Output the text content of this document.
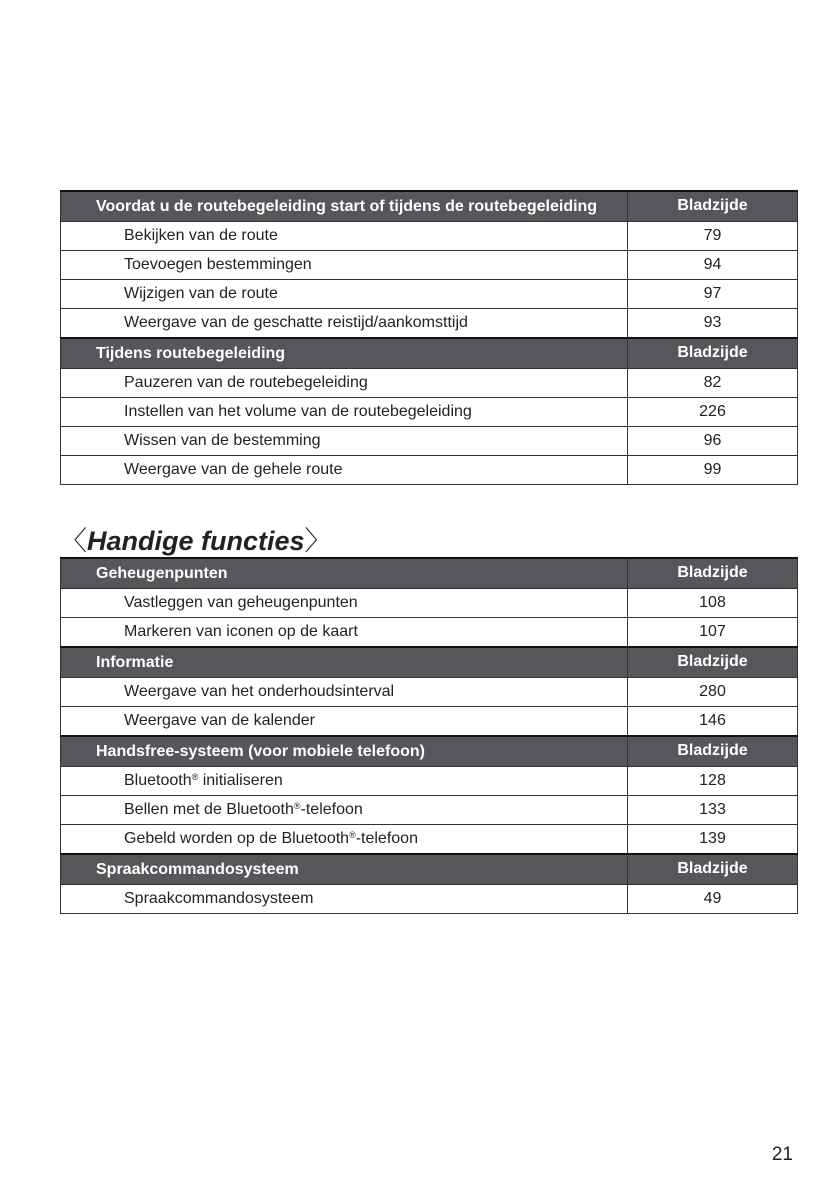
Voordat u de routebegeleiding start of tijdens de routebegeleiding	Bladzijde
Bekijken van de route	79
Toevoegen bestemmingen	94
Wijzigen van de route	97
Weergave van de geschatte reistijd/aankomsttijd	93
Tijdens routebegeleiding	Bladzijde
Pauzeren van de routebegeleiding	82
Instellen van het volume van de routebegeleiding	226
Wissen van de bestemming	96
Weergave van de gehele route	99
〈Handige functies〉
Geheugenpunten	Bladzijde
Vastleggen van geheugenpunten	108
Markeren van iconen op de kaart	107
Informatie	Bladzijde
Weergave van het onderhoudsinterval	280
Weergave van de kalender	146
Handsfree-systeem (voor mobiele telefoon)	Bladzijde
Bluetooth® initialiseren	128
Bellen met de Bluetooth®-telefoon	133
Gebeld worden op de Bluetooth®-telefoon	139
Spraakcommandosysteem	Bladzijde
Spraakcommandosysteem	49
21
